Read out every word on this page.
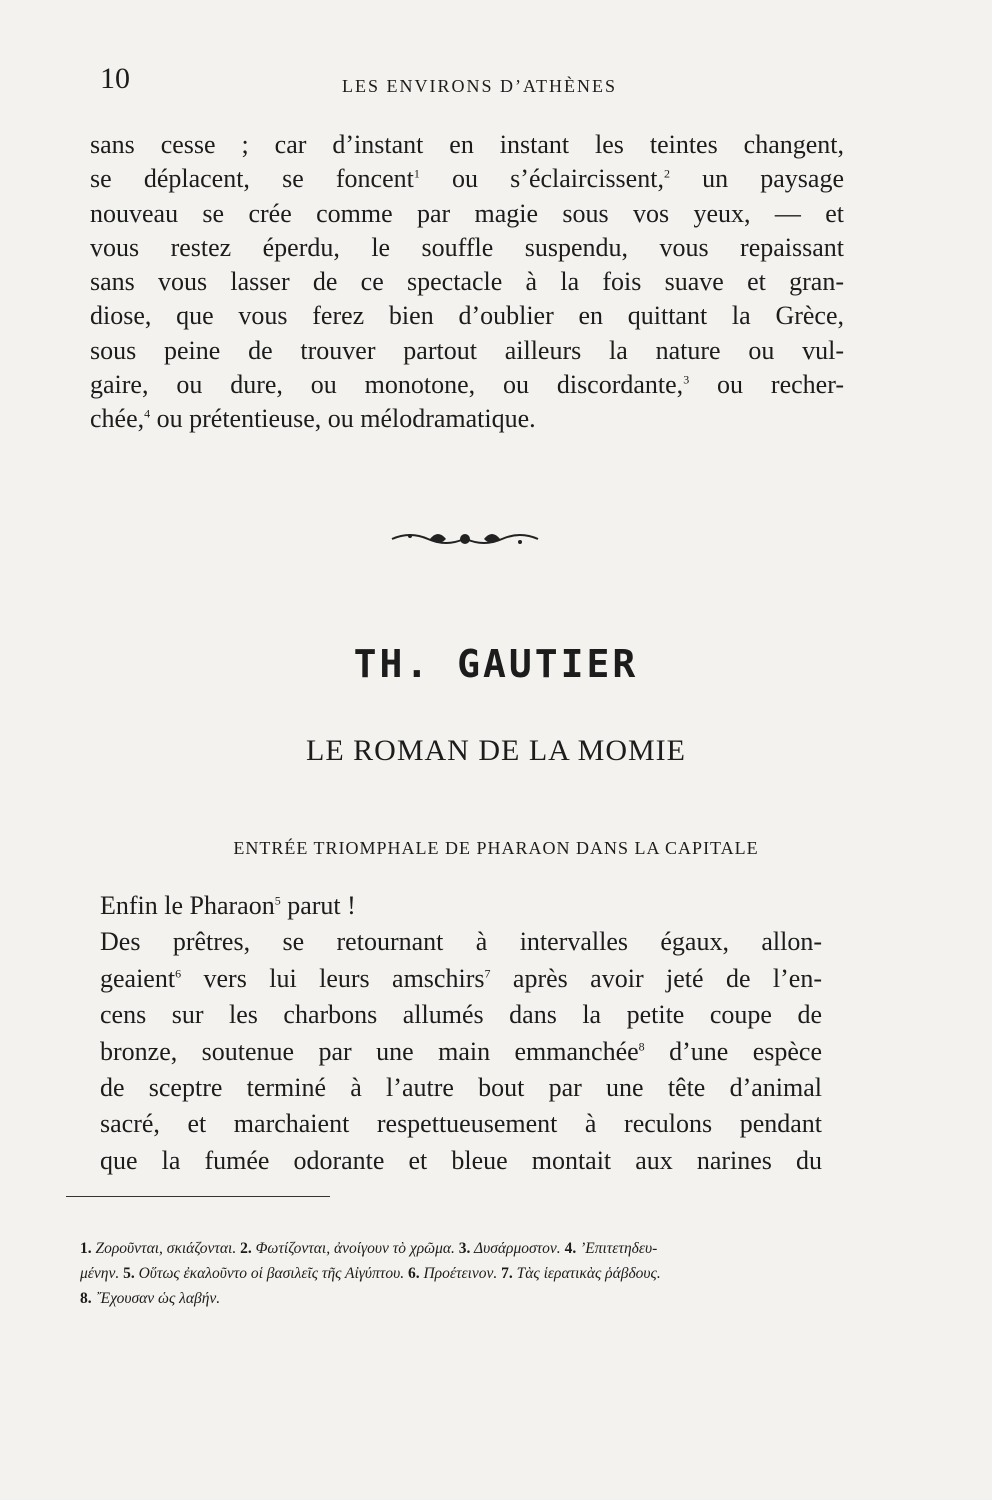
10	LES ENVIRONS D’ATHÈNES
sans cesse ; car d’instant en instant les teintes changent,
se déplacent, se foncent$^1$ ou s’éclaircissent,$^2$ un paysage
nouveau se crée comme par magie sous vos yeux, — et
vous restez éperdu, le souffle suspendu, vous repaissant
sans vous lasser de ce spectacle à la fois suave et gran-
diose, que vous ferez bien d’oublier en quittant la Grèce,
sous peine de trouver partout ailleurs la nature ou vul-
gaire, ou dure, ou monotone, ou discordante,$^3$ ou recher-
chée,$^4$ ou prétentieuse, ou mélodramatique.
TH. GAUTIER
LE ROMAN DE LA MOMIE
ENTRÉE TRIOMPHALE DE PHARAON DANS LA CAPITALE
Enfin le Pharaon$^5$ parut !
Des prêtres, se retournant à intervalles égaux, allon-
geaient$^6$ vers lui leurs amschirs$^7$ après avoir jeté de l’en-
cens sur les charbons allumés dans la petite coupe de
bronze, soutenue par une main emmanchée$^8$ d’une espèce
de sceptre terminé à l’autre bout par une tête d’animal
sacré, et marchaient respettueusement à reculons pendant
que la fumée odorante et bleue montait aux narines du
1. Ζοροῦνται, σκιάζονται. 2. Φωτίζονται, ἀνοίγουν τὸ χρῶμα. 3. Δυσάρμοστον. 4. ’Επιτετηδευ-
μένην. 5. Οὕτως ἐκαλοῦντο οἱ βασιλεῖς τῆς Αἰγύπτου. 6. Προέτεινον. 7. Τὰς ἱερατικὰς ῥάβδους.
8. ῎Εχουσαν ὡς λαβήν.
